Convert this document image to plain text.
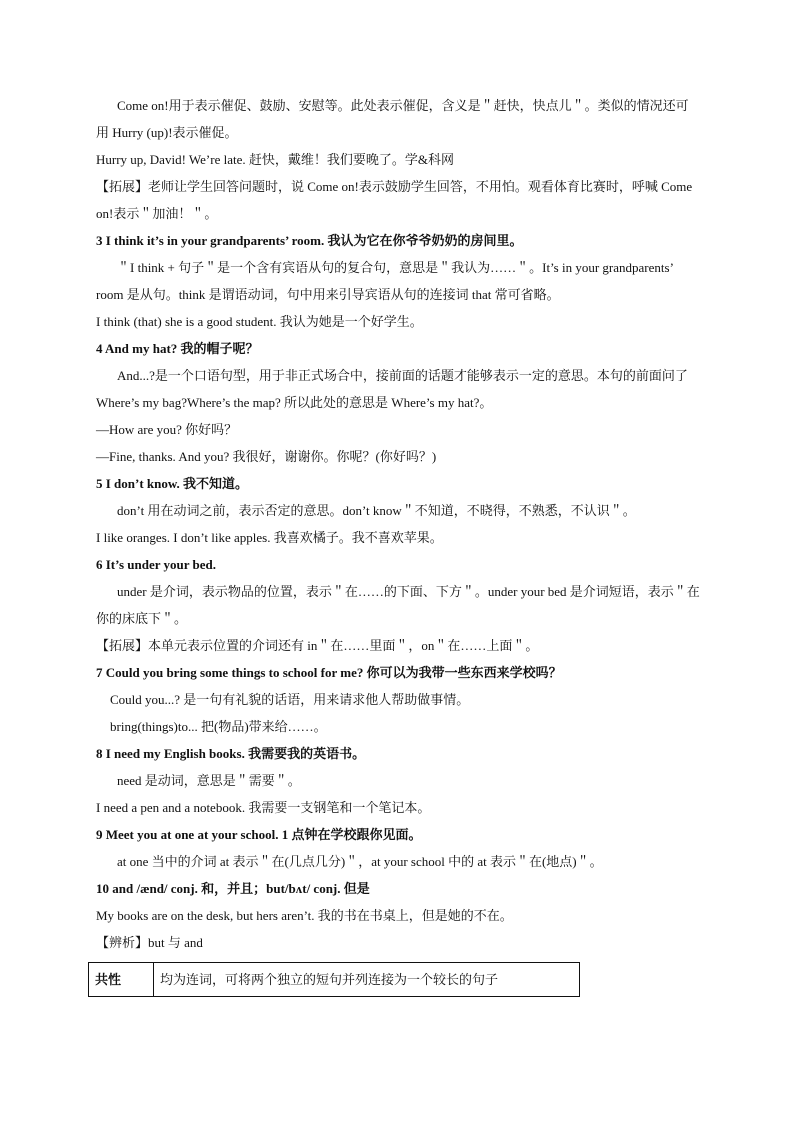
Come on!用于表示催促、鼓励、安慰等。此处表示催促，含义是＂赶快，快点儿＂。类似的情况还可用 Hurry (up)!表示催促。

Hurry up, David! We’re late. 赶快，戴维！我们要晚了。学&科网

【拓展】老师让学生回答问题时，说 Come on!表示鼓励学生回答，不用怕。观看体育比赛时，呼喊 Come on!表示＂加油！＂。

3 I think it’s in your grandparents’ room. 我认为它在你爷爷奶奶的房间里。

＂I think + 句子＂是一个含有宾语从句的复合句，意思是＂我认为……＂。It’s in your grandparents’ room 是从句。think 是谓语动词，句中用来引导宾语从句的连接词 that 常可省略。

I think (that) she is a good student. 我认为她是一个好学生。

4 And my hat? 我的帽子呢？

And...?是一个口语句型，用于非正式场合中，接前面的话题才能够表示一定的意思。本句的前面问了 Where’s my bag?Where’s the map? 所以此处的意思是 Where’s my hat?。

—How are you? 你好吗？

—Fine, thanks. And you? 我很好，谢谢你。你呢？(你好吗？)

5 I don’t know. 我不知道。

don’t 用在动词之前，表示否定的意思。don’t know＂不知道，不晓得，不熟悉，不认识＂。

I like oranges. I don’t like apples. 我喜欢橘子。我不喜欢苹果。

6 It’s under your bed.

under 是介词，表示物品的位置，表示＂在……的下面、下方＂。under your bed 是介词短语，表示＂在你的床底下＂。

【拓展】本单元表示位置的介词还有 in＂在……里面＂，on＂在……上面＂。

7 Could you bring some things to school for me? 你可以为我带一些东西来学校吗？

Could you...? 是一句有礼貌的话语，用来请求他人帮助做事情。

bring(things)to... 把(物品)带来给……。

8 I need my English books. 我需要我的英语书。

need 是动词，意思是＂需要＂。

I need a pen and a notebook. 我需要一支钢笔和一个笔记本。

9 Meet you at one at your school. 1 点钟在学校跟你见面。

at one 当中的介词 at 表示＂在(几点几分)＂，at your school 中的 at 表示＂在(地点)＂。

10 and /ænd/ conj. 和，并且；but/bʌt/ conj. 但是

My books are on the desk, but hers aren’t. 我的书在书桌上，但是她的不在。

【辨析】but 与 and

共性	均为连词，可将两个独立的短句并列连接为一个较长的句子
